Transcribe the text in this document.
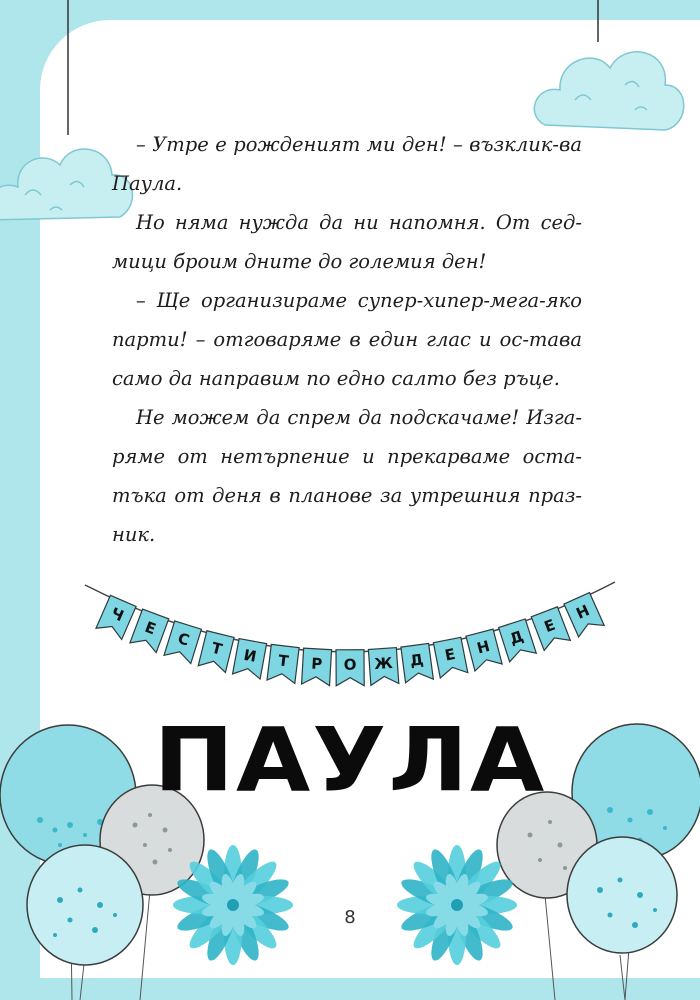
Ч
Е
С Т И Т Р О Ж Д Е Н Д
Е
Н

– Утре е рожденият ми ден! – възклик-ва Паула.

Но няма нужда да ни напомня. От сед-мици броим дните до големия ден!

– Ще организираме супер-хипер-мега-яко парти! – отговаряме в един глас и ос-тава само да направим по едно салто без ръце.

Не можем да спрем да подскачаме! Изга-ряме от нетърпение и прекарваме оста-тъка от деня в планове за утрешния праз-ник.

ПАУЛА
8
